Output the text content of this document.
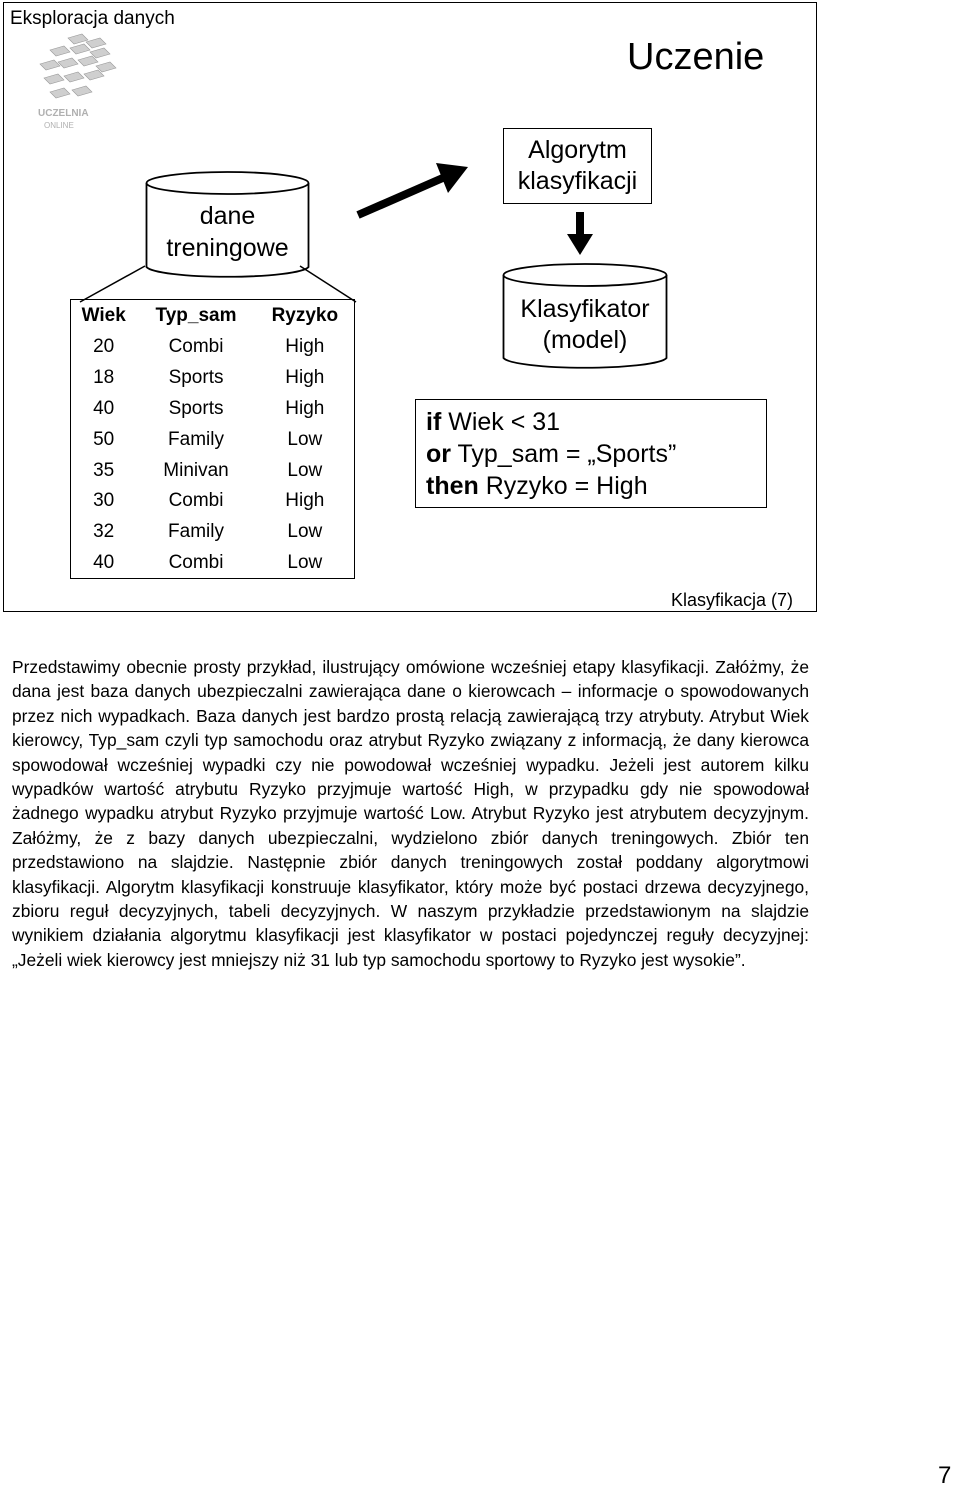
Eksploracja danych
Uczenie
UCZELNIA
ONLINE
dane
treningowe
Algorytm
klasyfikacji
Klasyfikator
(model)
if Wiek < 31
or Typ_sam = „Sports”
then Ryzyko = High
Wiek	Typ_sam	Ryzyko
20	Combi	High
18	Sports	High
40	Sports	High
50	Family	Low
35	Minivan	Low
30	Combi	High
32	Family	Low
40	Combi	Low
Klasyfikacja (7)
Przedstawimy obecnie prosty przykład, ilustrujący omówione wcześniej etapy klasyfikacji. Załóżmy, że dana jest baza danych ubezpieczalni zawierająca dane o kierowcach – informacje o spowodowanych przez nich wypadkach. Baza danych jest bardzo prostą relacją zawierającą trzy atrybuty. Atrybut Wiek kierowcy, Typ_sam czyli typ samochodu oraz atrybut Ryzyko związany z informacją, że dany kierowca spowodował wcześniej wypadki czy nie powodował wcześniej wypadku. Jeżeli jest autorem kilku wypadków wartość atrybutu Ryzyko przyjmuje wartość High, w przypadku gdy nie spowodował żadnego wypadku atrybut Ryzyko przyjmuje wartość Low. Atrybut Ryzyko jest atrybutem decyzyjnym. Załóżmy, że z bazy danych ubezpieczalni, wydzielono zbiór danych treningowych. Zbiór ten przedstawiono na slajdzie. Następnie zbiór danych treningowych został poddany algorytmowi klasyfikacji. Algorytm klasyfikacji konstruuje klasyfikator, który może być postaci drzewa decyzyjnego, zbioru reguł decyzyjnych, tabeli decyzyjnych. W naszym przykładzie przedstawionym na slajdzie wynikiem działania algorytmu klasyfikacji jest klasyfikator w postaci pojedynczej reguły decyzyjnej: „Jeżeli wiek kierowcy jest mniejszy niż 31 lub typ samochodu sportowy to Ryzyko jest wysokie”.
7
